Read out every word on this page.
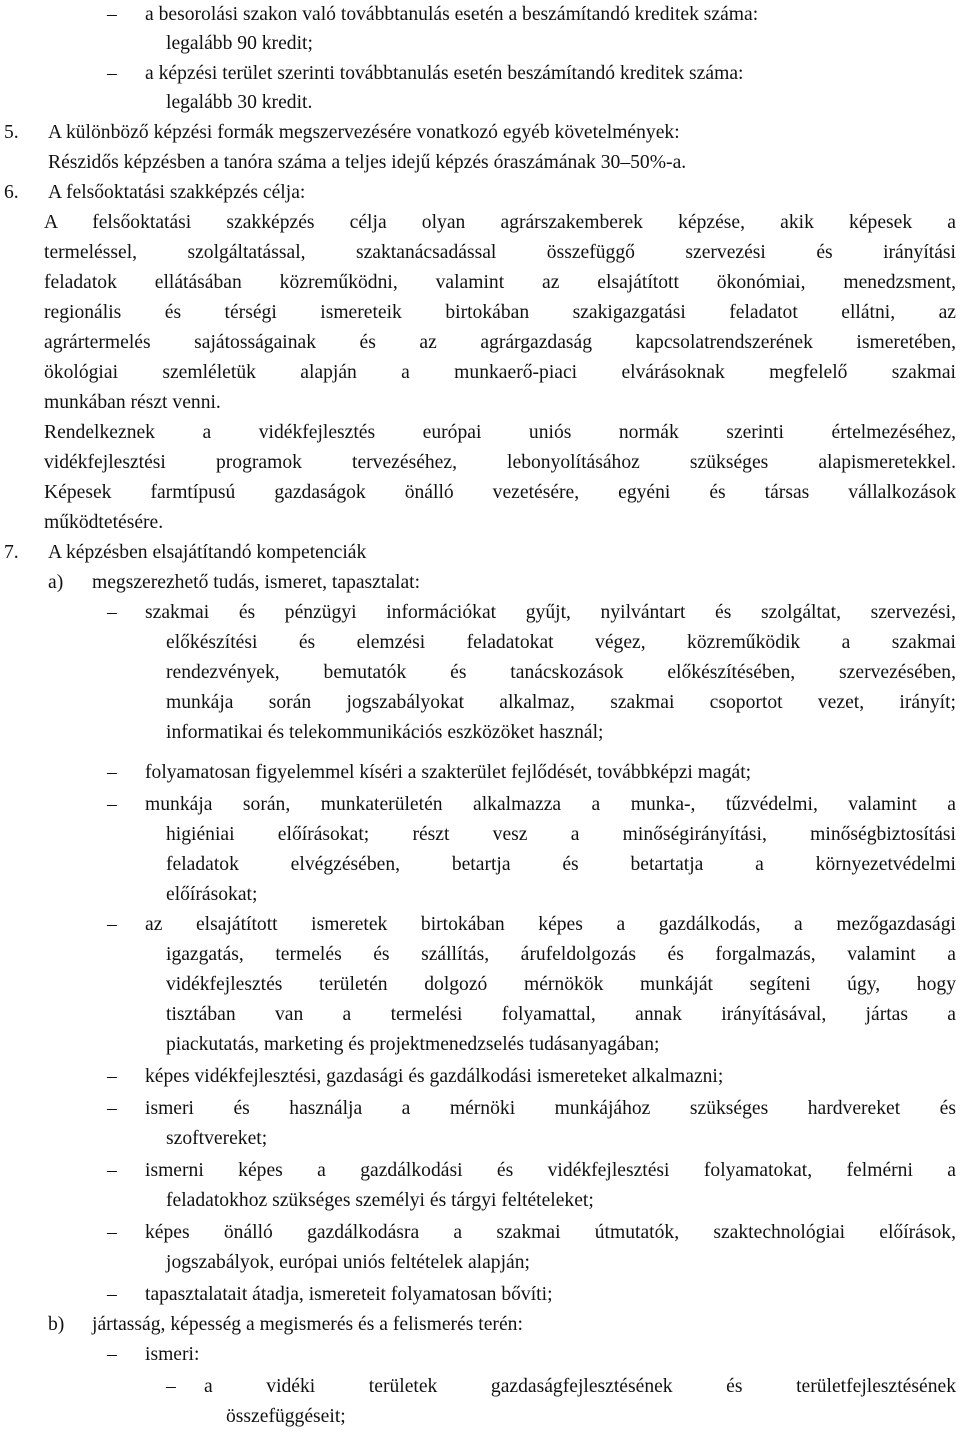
–	a besorolási szakon való továbbtanulás esetén a beszámítandó kreditek száma:
legalább 90 kredit;
– a képzési terület szerinti továbbtanulás esetén beszámítandó kreditek száma:
legalább 30 kredit.
5. A különböző képzési formák megszervezésére vonatkozó egyéb követelmények:
Részidős képzésben a tanóra száma a teljes idejű képzés óraszámának 30–50%-a.
6. A felsőoktatási szakképzés célja:
A felsőoktatási szakképzés célja olyan agrárszakemberek képzése, akik képesek a
termeléssel, szolgáltatással, szaktanácsadással összefüggő szervezési és irányítási
feladatok ellátásában közreműködni, valamint az elsajátított ökonómiai, menedzsment,
regionális és térségi ismereteik birtokában szakigazgatási feladatot ellátni, az
agrártermelés sajátosságainak és az agrárgazdaság kapcsolatrendszerének ismeretében,
ökológiai szemléletük alapján a munkaerő-piaci elvárásoknak megfelelő szakmai
munkában részt venni.
Rendelkeznek a vidékfejlesztés európai uniós normák szerinti értelmezéséhez,
vidékfejlesztési programok tervezéséhez, lebonyolításához szükséges alapismeretekkel.
Képesek farmtípusú gazdaságok önálló vezetésére, egyéni és társas vállalkozások
működtetésére.
7. A képzésben elsajátítandó kompetenciák
a) megszerezhető tudás, ismeret, tapasztalat:
– szakmai és pénzügyi információkat gyűjt, nyilvántart és szolgáltat, szervezési,
előkészítési és elemzési feladatokat végez, közreműködik a szakmai
rendezvények, bemutatók és tanácskozások előkészítésében, szervezésében,
munkája során jogszabályokat alkalmaz, szakmai csoportot vezet, irányít;
informatikai és telekommunikációs eszközöket használ;
– folyamatosan figyelemmel kíséri a szakterület fejlődését, továbbképzi magát;
– munkája során, munkaterületén alkalmazza a munka-, tűzvédelmi, valamint a
higiéniai előírásokat; részt vesz a minőségirányítási, minőségbiztosítási
feladatok elvégzésében, betartja és betartatja a környezetvédelmi
előírásokat;
– az elsajátított ismeretek birtokában képes a gazdálkodás, a mezőgazdasági
igazgatás, termelés és szállítás, árufeldolgozás és forgalmazás, valamint a
vidékfejlesztés területén dolgozó mérnökök munkáját segíteni úgy, hogy
tisztában van a termelési folyamattal, annak irányításával, jártas a
piackutatás, marketing és projektmenedzselés tudásanyagában;
– képes vidékfejlesztési, gazdasági és gazdálkodási ismereteket alkalmazni;
– ismeri és használja a mérnöki munkájához szükséges hardvereket és
szoftvereket;
– ismerni képes a gazdálkodási és vidékfejlesztési folyamatokat, felmérni a
feladatokhoz szükséges személyi és tárgyi feltételeket;
– képes önálló gazdálkodásra a szakmai útmutatók, szaktechnológiai előírások,
jogszabályok, európai uniós feltételek alapján;
– tapasztalatait átadja, ismereteit folyamatosan bővíti;
b) jártasság, képesség a megismerés és a felismerés terén:
– ismeri:
– a vidéki területek gazdaságfejlesztésének és területfejlesztésének
összefüggéseit;
